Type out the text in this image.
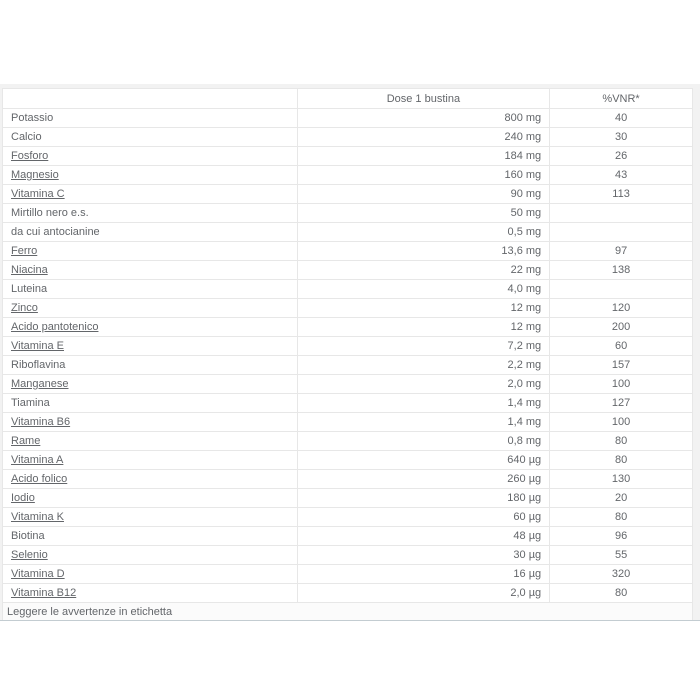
	Dose 1 bustina	%VNR*
Potassio	800 mg	40
Calcio	240 mg	30
Fosforo	184 mg	26
Magnesio	160 mg	43
Vitamina C	90 mg	113
Mirtillo nero e.s.	50 mg	
da cui antocianine	0,5 mg	
Ferro	13,6 mg	97
Niacina	22 mg	138
Luteina	4,0 mg	
Zinco	12 mg	120
Acido pantotenico	12 mg	200
Vitamina E	7,2 mg	60
Riboflavina	2,2 mg	157
Manganese	2,0 mg	100
Tiamina	1,4 mg	127
Vitamina B6	1,4 mg	100
Rame	0,8 mg	80
Vitamina A	640 µg	80
Acido folico	260 µg	130
Iodio	180 µg	20
Vitamina K	60 µg	80
Biotina	48 µg	96
Selenio	30 µg	55
Vitamina D	16 µg	320
Vitamina B12	2,0 µg	80
Leggere le avvertenze in etichetta		
